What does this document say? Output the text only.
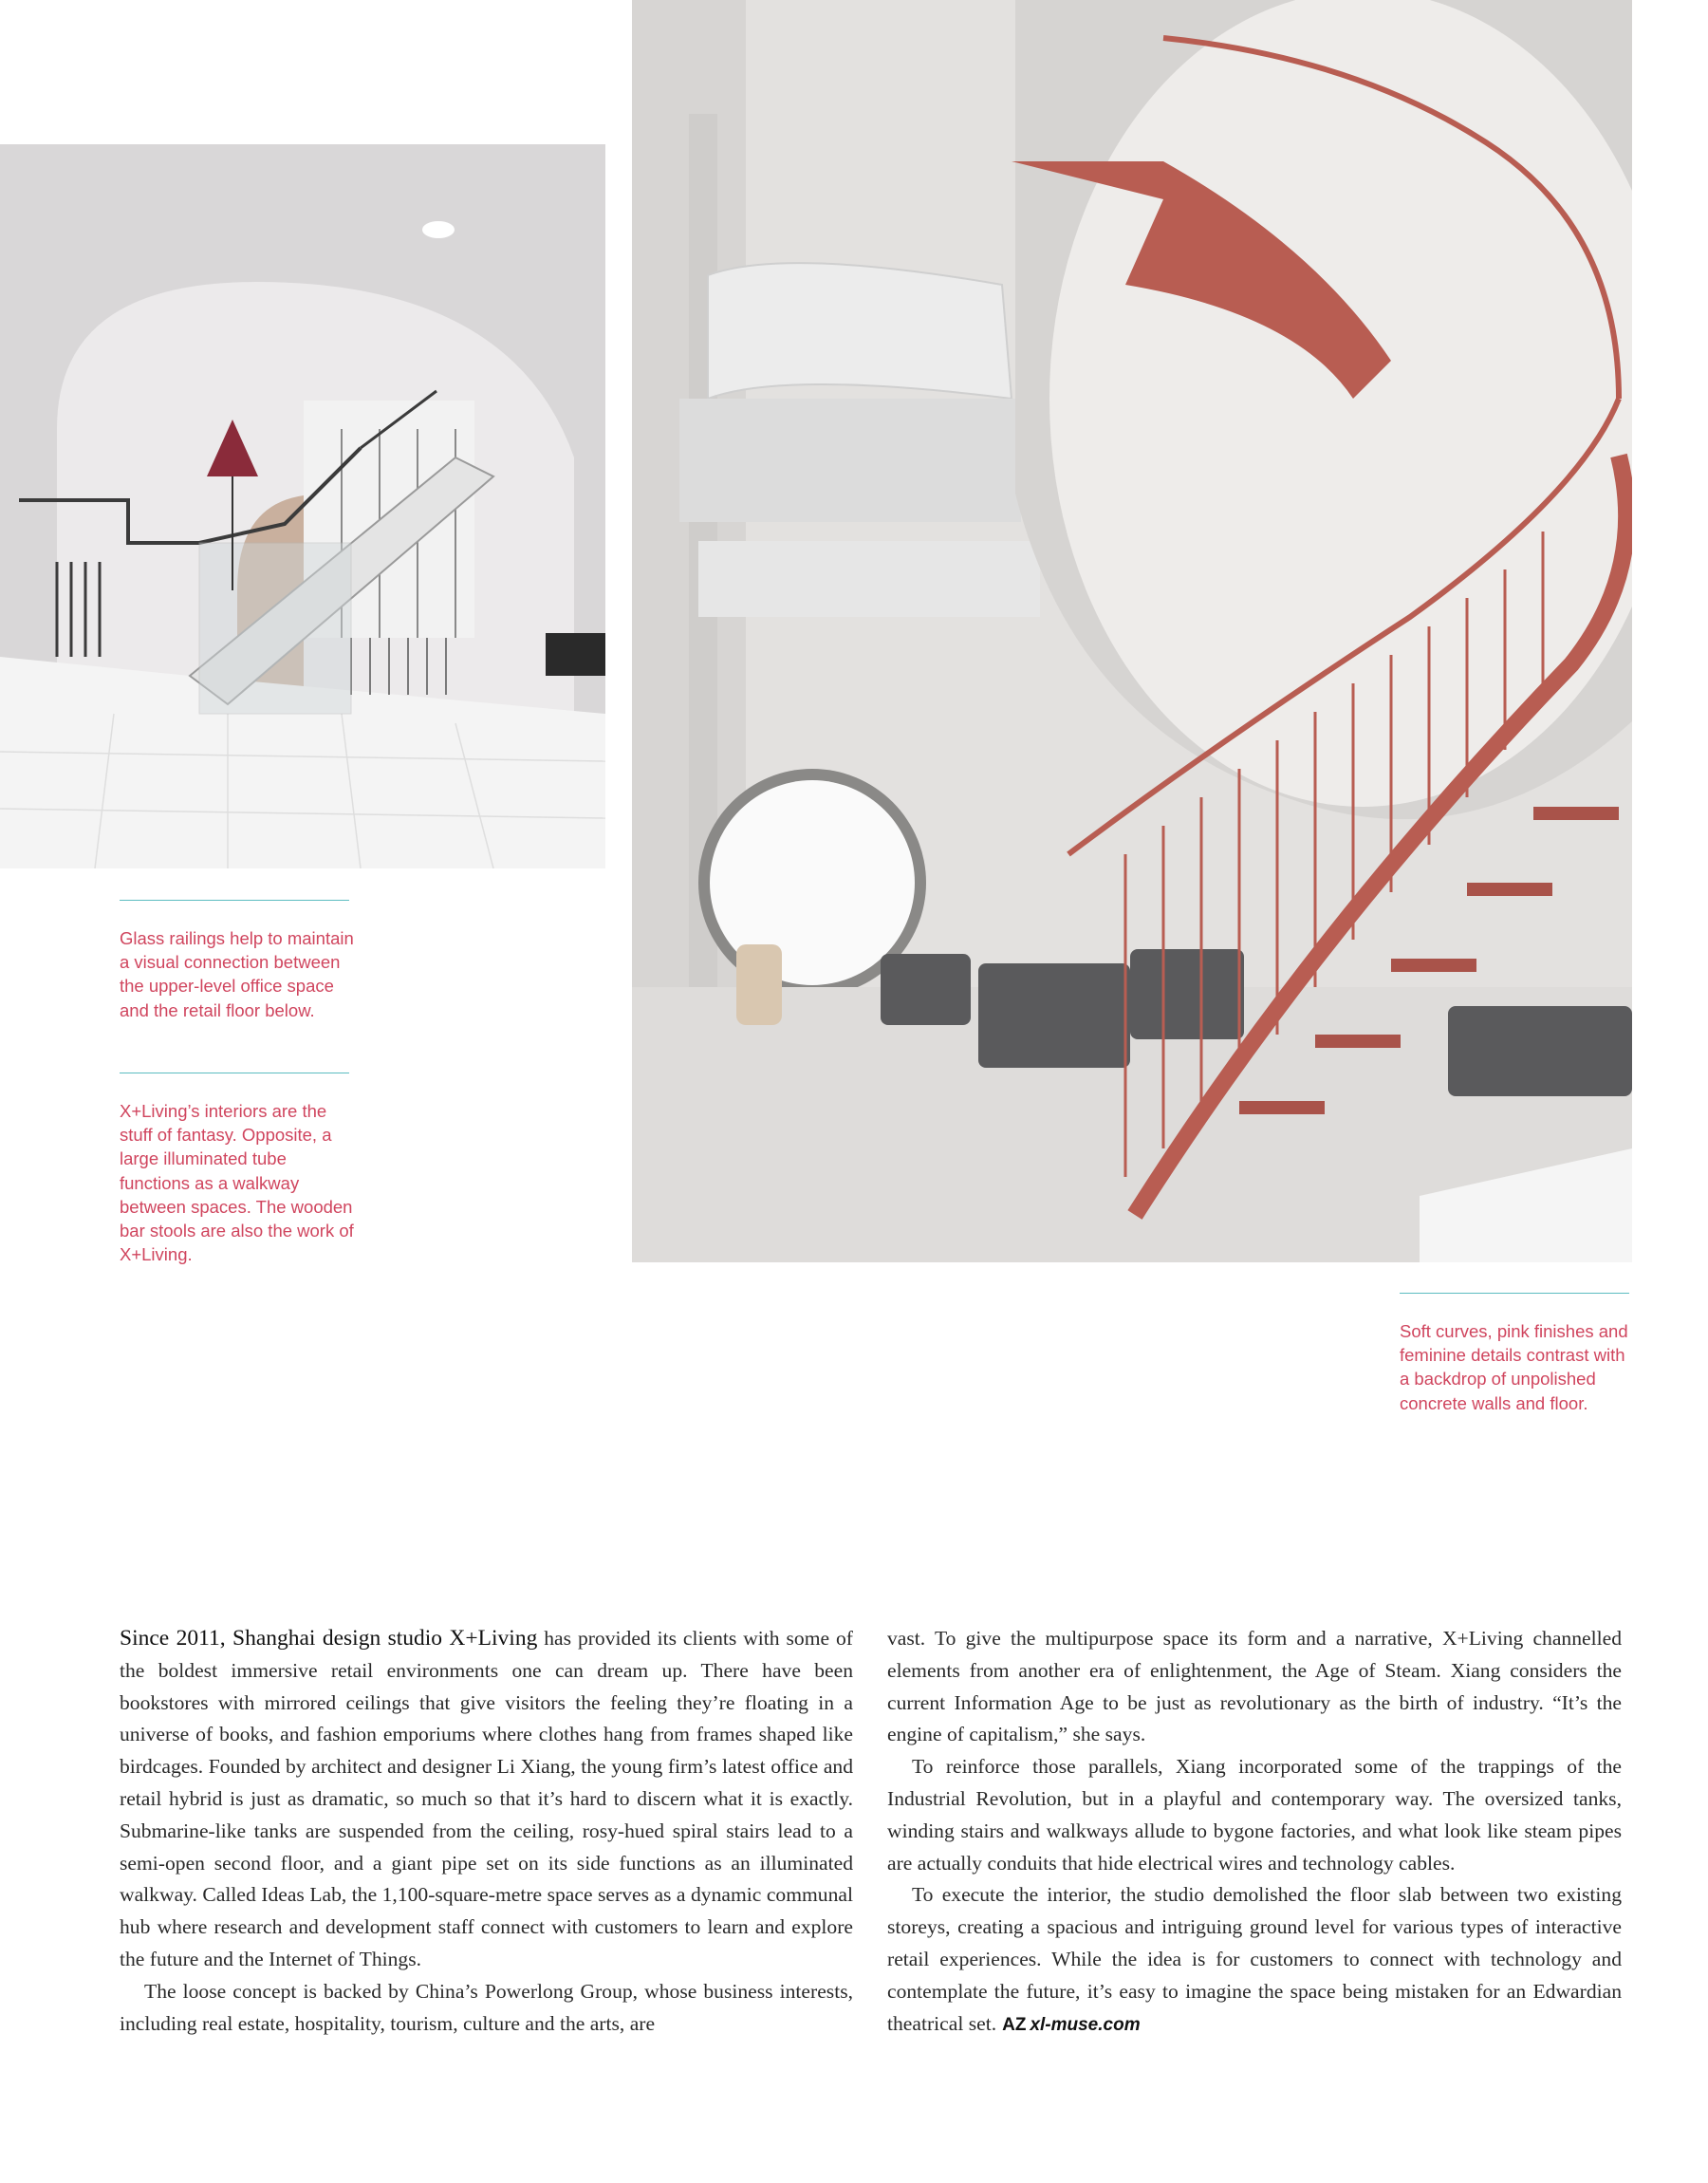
Glass railings help to maintain a visual connection between the upper-level office space and the retail floor below.
X+Living’s interiors are the stuff of fantasy. Opposite, a large illuminated tube functions as a walkway between spaces. The wooden bar stools are also the work of X+Living.
Soft curves, pink finishes and feminine details contrast with a backdrop of unpolished concrete walls and floor.

Since 2011, Shanghai design studio X+Living has provided its clients with some of the boldest immersive retail environments one can dream up. There have been bookstores with mirrored ceilings that give visitors the feeling they’re floating in a universe of books, and fashion emporiums where clothes hang from frames shaped like birdcages. Founded by architect and designer Li Xiang, the young firm’s latest office and retail hybrid is just as dramatic, so much so that it’s hard to discern what it is exactly. Submarine-like tanks are suspended from the ceiling, rosy-hued spiral stairs lead to a semi-open second floor, and a giant pipe set on its side functions as an illuminated walkway. Called Ideas Lab, the 1,100-square-metre space serves as a dynamic communal hub where research and development staff connect with customers to learn and explore the future and the Internet of Things.

The loose concept is backed by China’s Powerlong Group, whose business interests, including real estate, hospitality, tourism, culture and the arts, are

vast. To give the multipurpose space its form and a narrative, X+Living channelled elements from another era of enlightenment, the Age of Steam. Xiang considers the current Information Age to be just as revolutionary as the birth of industry. “It’s the engine of capitalism,” she says.

To reinforce those parallels, Xiang incorporated some of the trappings of the Industrial Revolution, but in a playful and contemporary way. The oversized tanks, winding stairs and walkways allude to bygone factories, and what look like steam pipes are actually conduits that hide electrical wires and technology cables.

To execute the interior, the studio demolished the floor slab between two existing storeys, creating a spacious and intriguing ground level for various types of interactive retail experiences. While the idea is for customers to connect with technology and contemplate the future, it’s easy to imagine the space being mistaken for an Edwardian theatrical set. AZ xl-muse.com
